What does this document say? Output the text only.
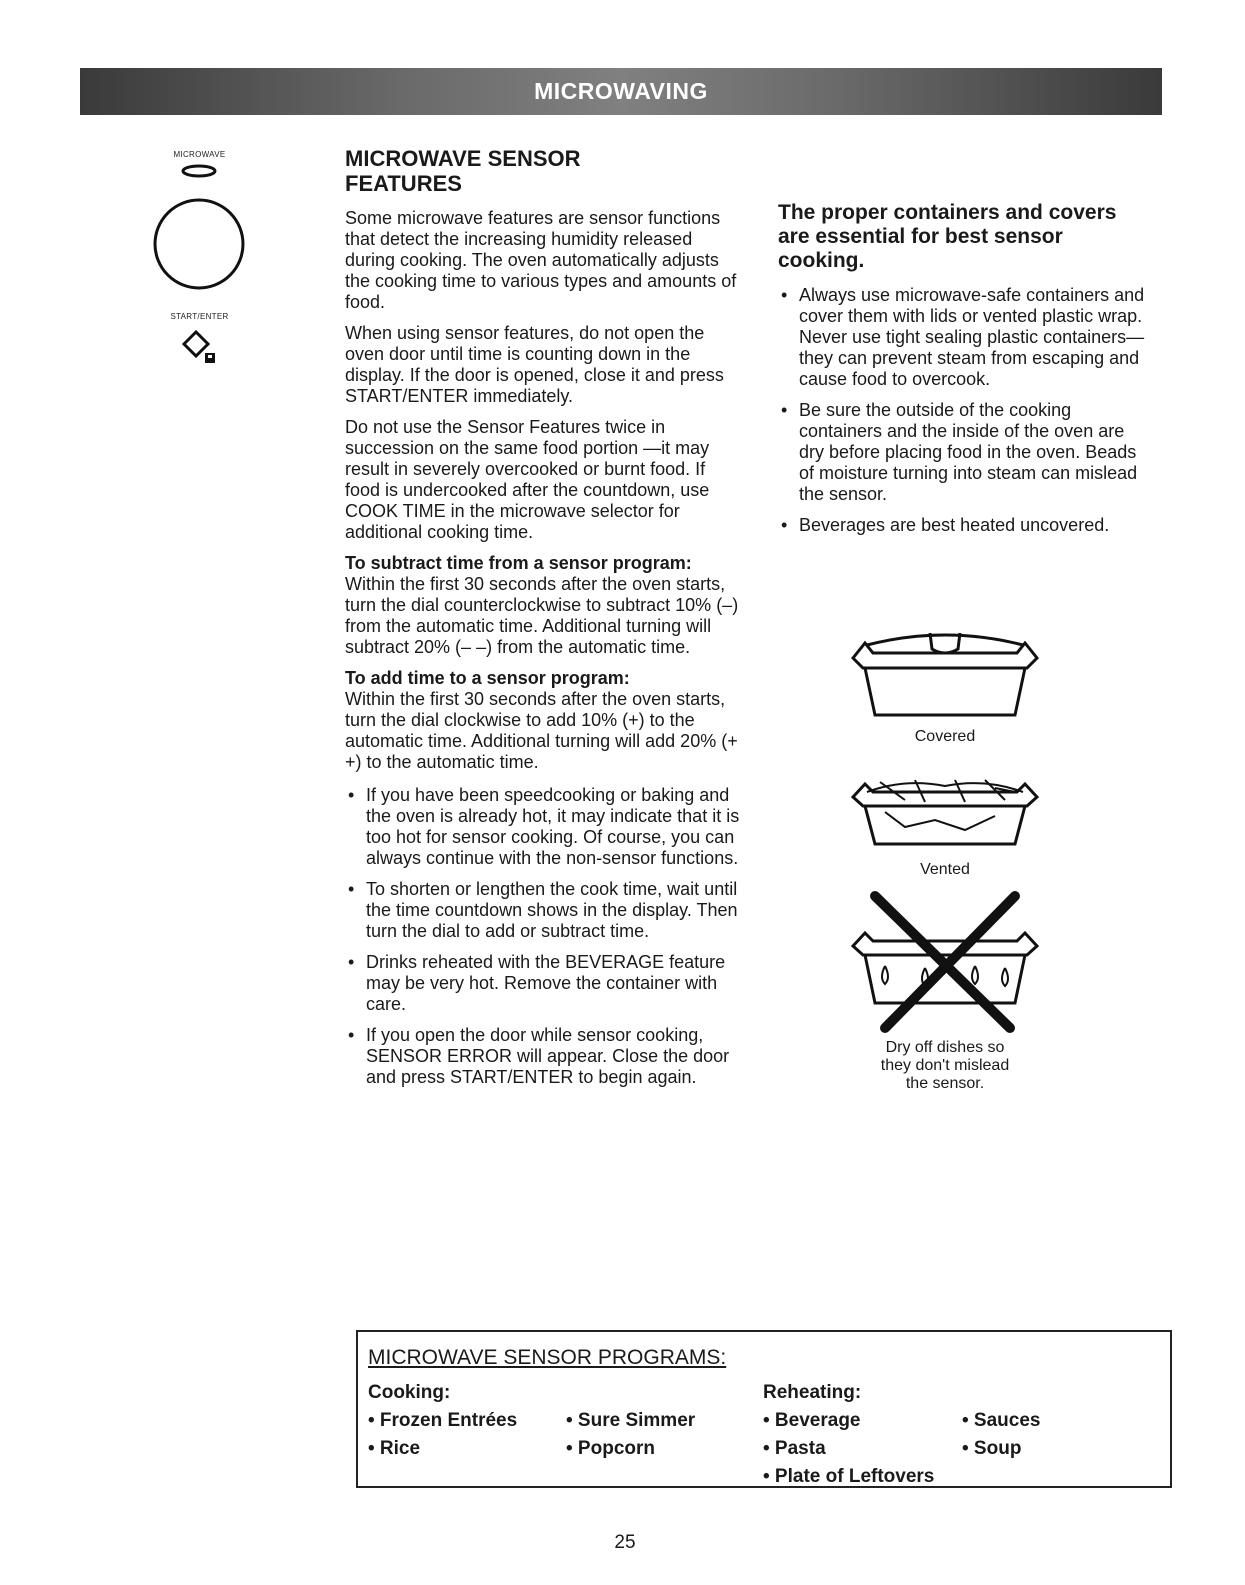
MICROWAVING
MICROWAVE
START/ENTER
MICROWAVE SENSOR FEATURES

Some microwave features are sensor functions that detect the increasing humidity released during cooking. The oven automatically adjusts the cooking time to various types and amounts of food.

When using sensor features, do not open the oven door until time is counting down in the display. If the door is opened, close it and press START/ENTER immediately.

Do not use the Sensor Features twice in succession on the same food portion —it may result in severely overcooked or burnt food. If food is undercooked after the countdown, use COOK TIME in the microwave selector for additional cooking time.

To subtract time from a sensor program:
Within the first 30 seconds after the oven starts, turn the dial counterclockwise to subtract 10% (–) from the automatic time. Additional turning will subtract 20% (– –) from the automatic time.
To add time to a sensor program:
Within the first 30 seconds after the oven starts, turn the dial clockwise to add 10% (+) to the automatic time. Additional turning will add 20% (+ +) to the automatic time.
• If you have been speedcooking or baking and the oven is already hot, it may indicate that it is too hot for sensor cooking. Of course, you can always continue with the non-sensor functions.
• To shorten or lengthen the cook time, wait until the time countdown shows in the display. Then turn the dial to add or subtract time.
• Drinks reheated with the BEVERAGE feature may be very hot. Remove the container with care.
• If you open the door while sensor cooking, SENSOR ERROR will appear. Close the door and press START/ENTER to begin again.
The proper containers and covers are essential for best sensor cooking.
• Always use microwave-safe containers and cover them with lids or vented plastic wrap. Never use tight sealing plastic containers—they can prevent steam from escaping and cause food to overcook.
• Be sure the outside of the cooking containers and the inside of the oven are dry before placing food in the oven. Beads of moisture turning into steam can mislead the sensor.
• Beverages are best heated uncovered.
Covered
Vented
Dry off dishes so
they don't mislead
the sensor.
MICROWAVE SENSOR PROGRAMS:
Cooking:
• Frozen Entrées
• Rice
• Sure Simmer
• Popcorn
Reheating:
• Beverage
• Pasta
• Plate of Leftovers
• Sauces
• Soup
25
